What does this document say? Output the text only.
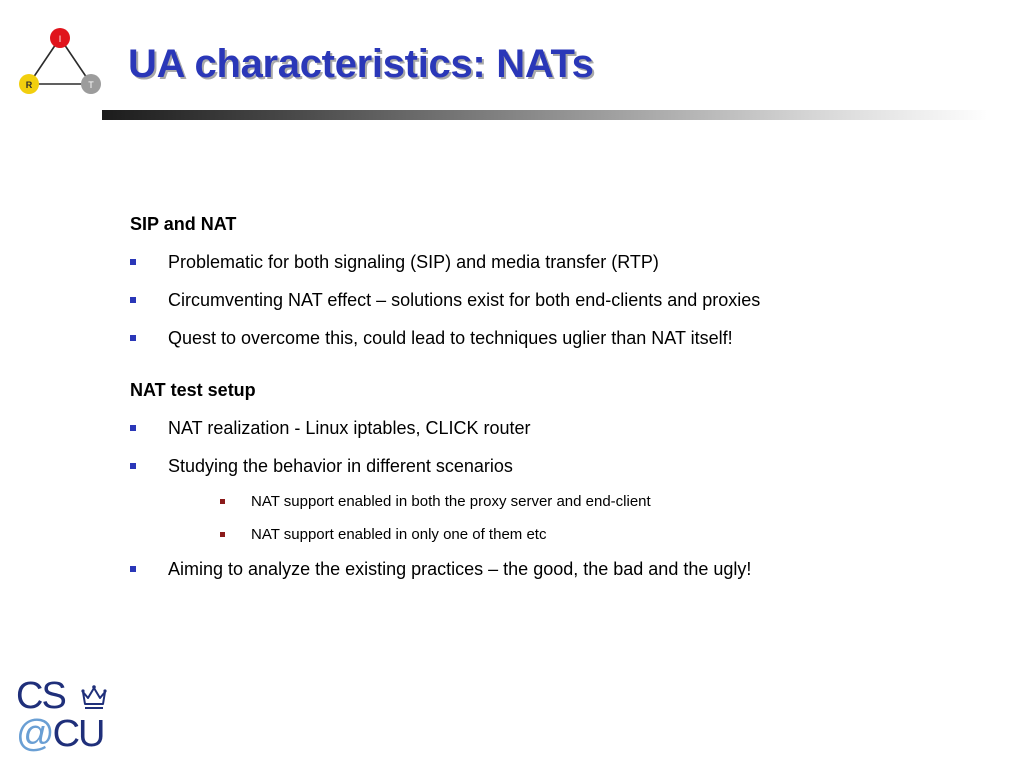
I
R	T UA characteristics: NATs
SIP and NAT
Problematic for both signaling (SIP) and media transfer (RTP)
Circumventing NAT effect – solutions exist for both end-clients and proxies
Quest to overcome this, could lead to techniques uglier than NAT itself!
NAT test setup
NAT realization - Linux iptables, CLICK router
Studying the behavior in different scenarios
NAT support enabled in both the proxy server and end-client
NAT support enabled in only one of them etc
Aiming to analyze the existing practices – the good, the bad and the ugly!
CS
@CU
